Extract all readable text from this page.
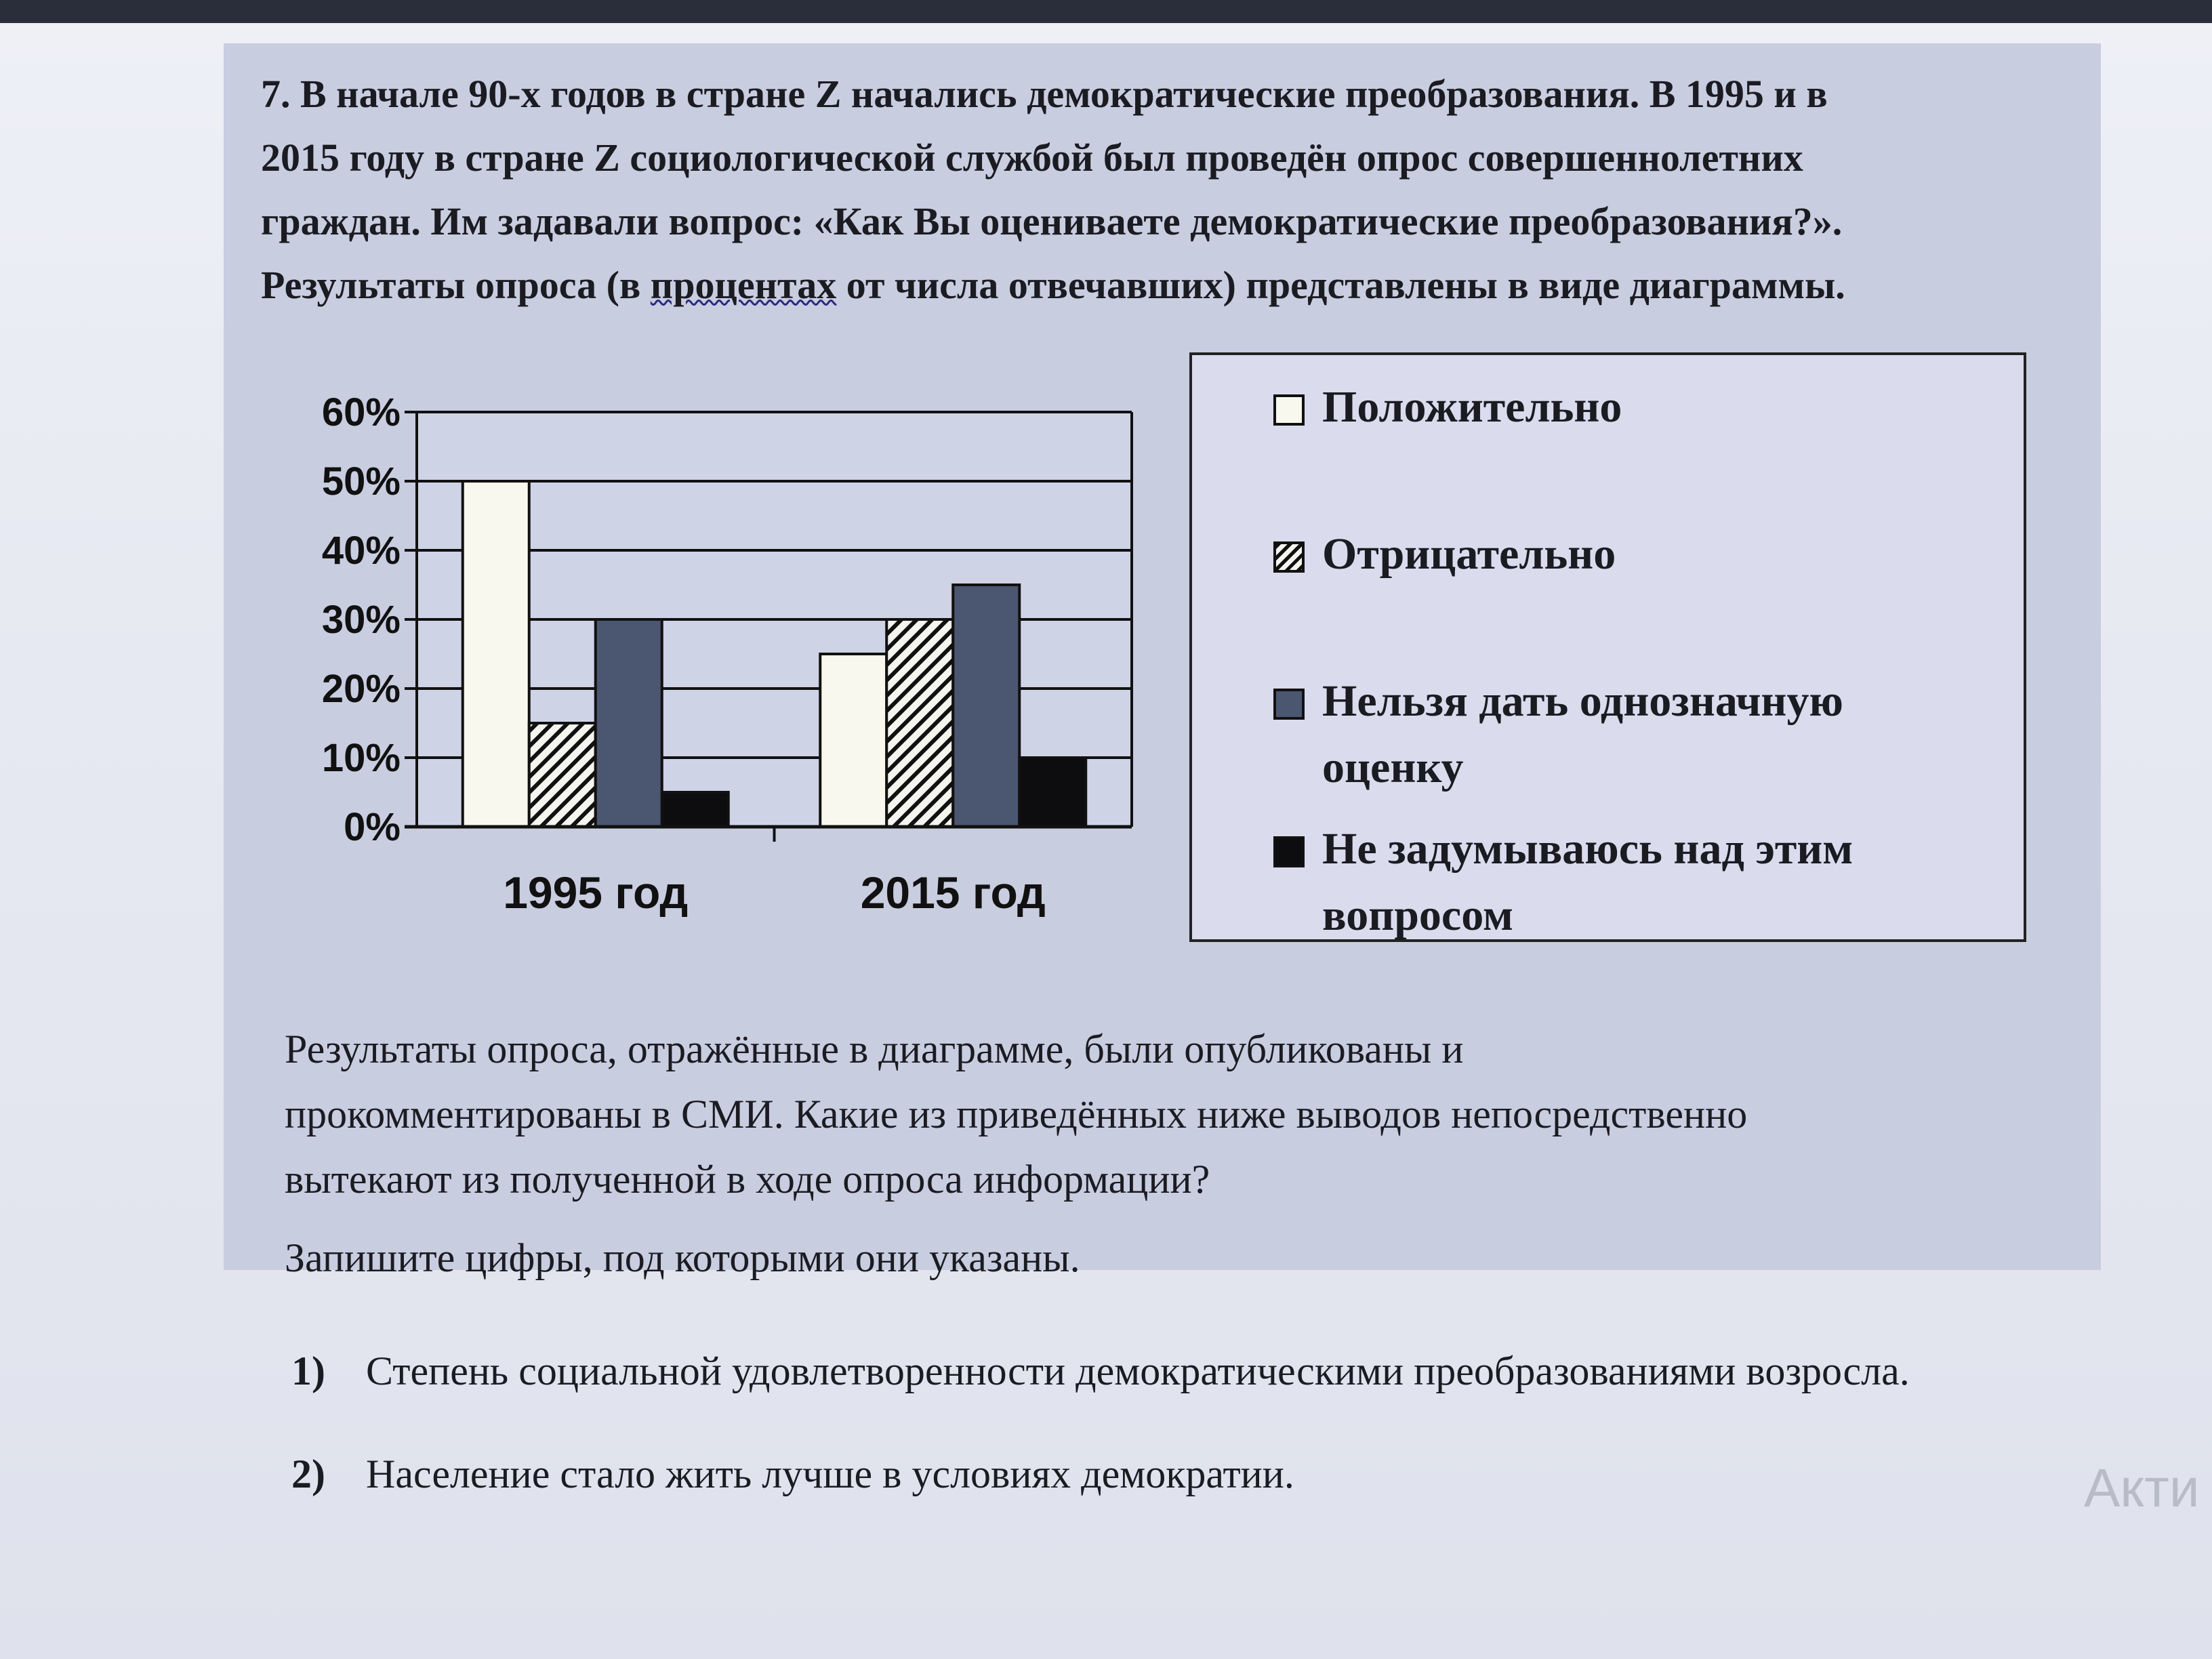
7. В начале 90-х годов в стране Z начались демократические преобразования. В 1995 и в
2015 году в стране Z социологической службой был проведён опрос совершеннолетних
граждан. Им задавали вопрос: «Как Вы оцениваете демократические преобразования?».
Результаты опроса (в процентах от числа отвечавших) представлены в виде диаграммы.
0%
10%
20%
30%
40%
50%
60%
1995 год	2015 год
Положительно
Отрицательно
Нельзя дать однозначную
оценку
Не задумываюсь над этим
вопросом
Результаты опроса, отражённые в диаграмме, были опубликованы и
прокомментированы в СМИ. Какие из приведённых ниже выводов непосредственно
вытекают из полученной в ходе опроса информации?
Запишите цифры, под которыми они указаны.
1) Степень социальной удовлетворенности демократическими преобразованиями возросла.
2) Население стало жить лучше в условиях демократии.	Акти
